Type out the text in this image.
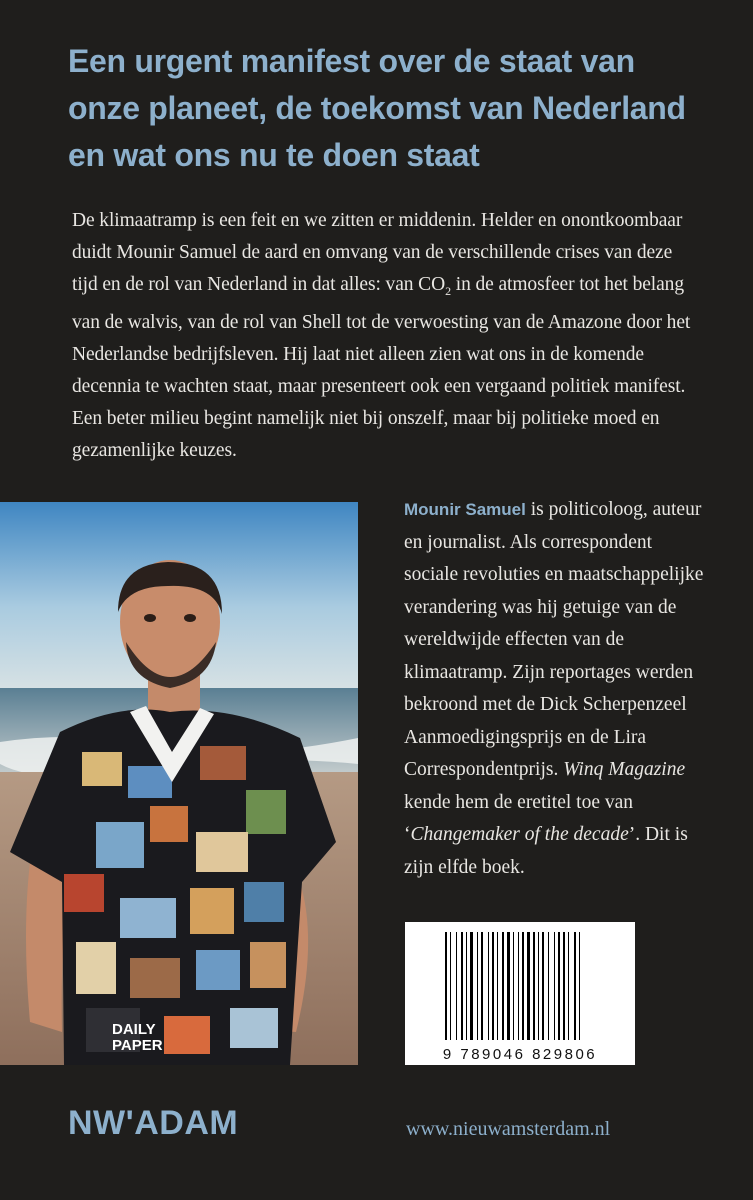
Een urgent manifest over de staat van
onze planeet, de toekomst van Nederland
en wat ons nu te doen staat

De klimaatramp is een feit en we zitten er middenin. Helder en onontkoombaar duidt Mounir Samuel de aard en omvang van de verschillende crises van deze tijd en de rol van Nederland in dat alles: van $CO_2$ in de atmosfeer tot het belang van de walvis, van de rol van Shell tot de verwoesting van de Amazone door het Nederlandse bedrijfsleven. Hij laat niet alleen zien wat ons in de komende decennia te wachten staat, maar presenteert ook een vergaand politiek manifest. Een beter milieu begint namelijk niet bij onszelf, maar bij politieke moed en gezamenlijke keuzes.

DAILY
PAPER
Mounir Samuel is politicoloog, auteur en journalist. Als correspondent sociale revoluties en maatschappelijke verandering was hij getuige van de wereldwijde effecten van de klimaatramp. Zijn reportages werden bekroond met de Dick Scherpenzeel Aanmoedigingsprijs en de Lira Correspondentprijs. Winq Magazine kende hem de eretitel toe van ‘Changemaker of the decade’. Dit is zijn elfde boek.
9 789046 829806
NW'ADAM	www.nieuwamsterdam.nl
